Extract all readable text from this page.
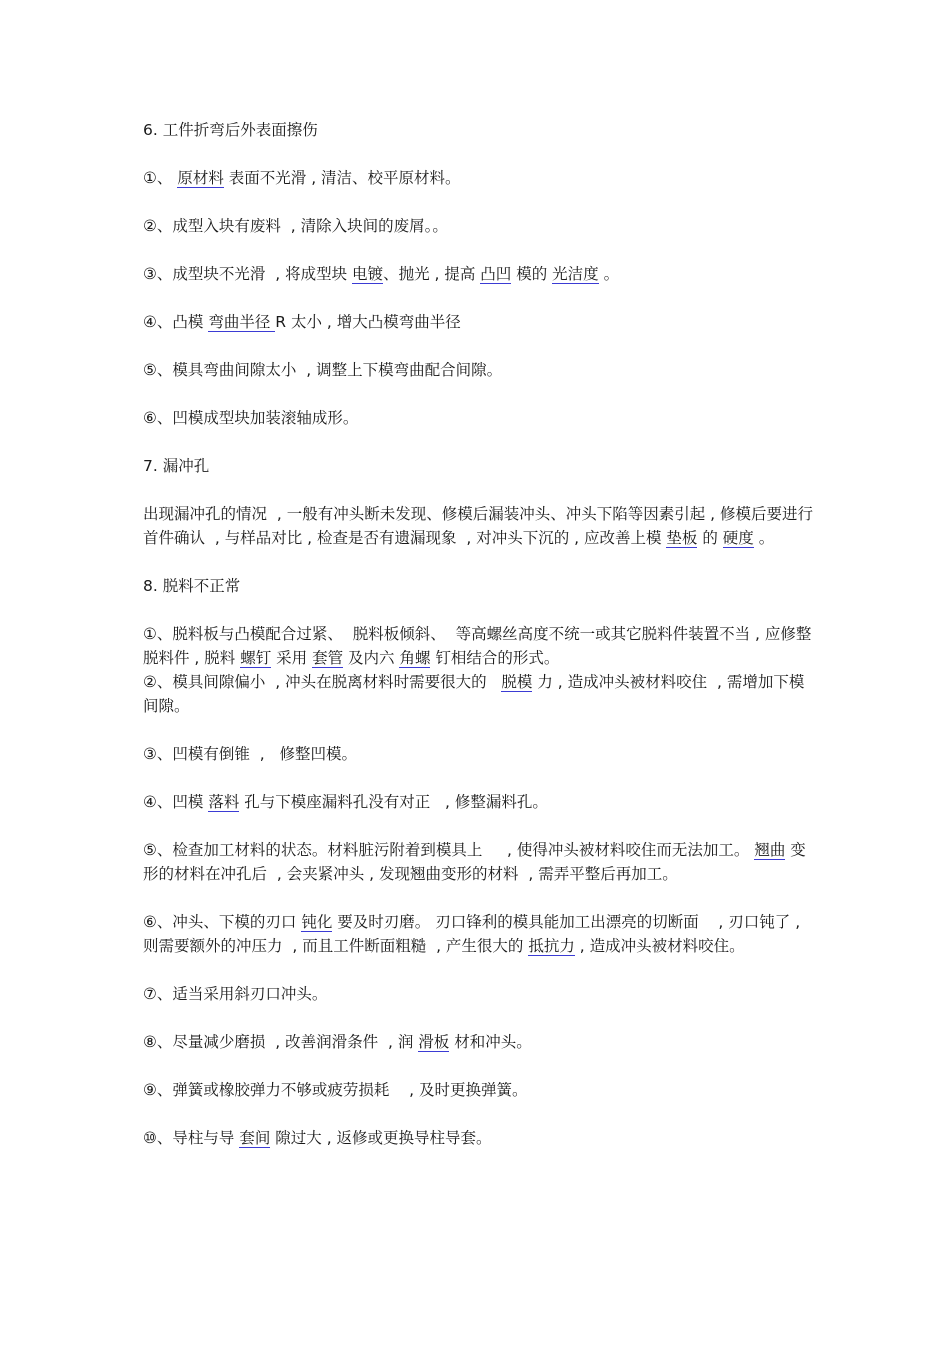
6. 工件折弯后外表面擦伤
①、 原材料 表面不光滑 , 清洁、校平原材料。
②、成型入块有废料  , 清除入块间的废屑。。
③、成型块不光滑  , 将成型块 电镀、抛光 , 提高 凸凹 模的 光洁度 。
④、凸模 弯曲半径 R 太小 , 增大凸模弯曲半径
⑤、模具弯曲间隙太小  , 调整上下模弯曲配合间隙。
⑥、凹模成型块加装滚轴成形。
7. 漏冲孔
出现漏冲孔的情况  , 一般有冲头断未发现、修模后漏装冲头、冲头下陷等因素引起 , 修模后要进行首件确认  , 与样品对比 , 检查是否有遗漏现象  , 对冲头下沉的 , 应改善上模 垫板 的 硬度 。
8. 脱料不正常
①、脱料板与凸模配合过紧、  脱料板倾斜、  等高螺丝高度不统一或其它脱料件装置不当 , 应修整脱料件 , 脱料 螺钉 采用 套管 及内六 角螺 钉相结合的形式。
②、模具间隙偏小  , 冲头在脱离材料时需要很大的   脱模 力 , 造成冲头被材料咬住  , 需增加下模间隙。
③、凹模有倒锥  ,   修整凹模。
④、凹模 落料 孔与下模座漏料孔没有对正   , 修整漏料孔。
⑤、检查加工材料的状态。材料脏污附着到模具上     , 使得冲头被材料咬住而无法加工。 翘曲 变形的材料在冲孔后  , 会夹紧冲头 , 发现翘曲变形的材料  , 需弄平整后再加工。
⑥、冲头、下模的刃口 钝化 要及时刃磨。 刃口锋利的模具能加工出漂亮的切断面    , 刃口钝了 , 则需要额外的冲压力  , 而且工件断面粗糙  , 产生很大的 抵抗力 , 造成冲头被材料咬住。
⑦、适当采用斜刃口冲头。
⑧、尽量减少磨损  , 改善润滑条件  , 润 滑板 材和冲头。
⑨、弹簧或橡胶弹力不够或疲劳损耗    , 及时更换弹簧。
⑩、导柱与导 套间 隙过大 , 返修或更换导柱导套。
